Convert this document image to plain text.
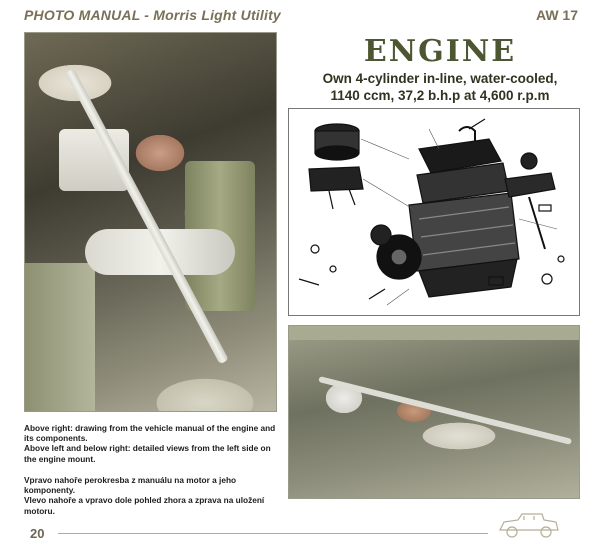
PHOTO MANUAL - Morris Light Utility	AW 17
ENGINE
Own 4-cylinder in-line, water-cooled,
1140 ccm, 37,2 b.h.p at 4,600 r.p.m

Above right: drawing from the vehicle manual of the engine and its components.

Above left and below right: detailed views from the left side on the engine mount.

Vpravo nahoře perokresba z manuálu na motor a jeho komponenty.

Vlevo nahoře a vpravo dole pohled zhora a zprava na uložení motoru.

20
